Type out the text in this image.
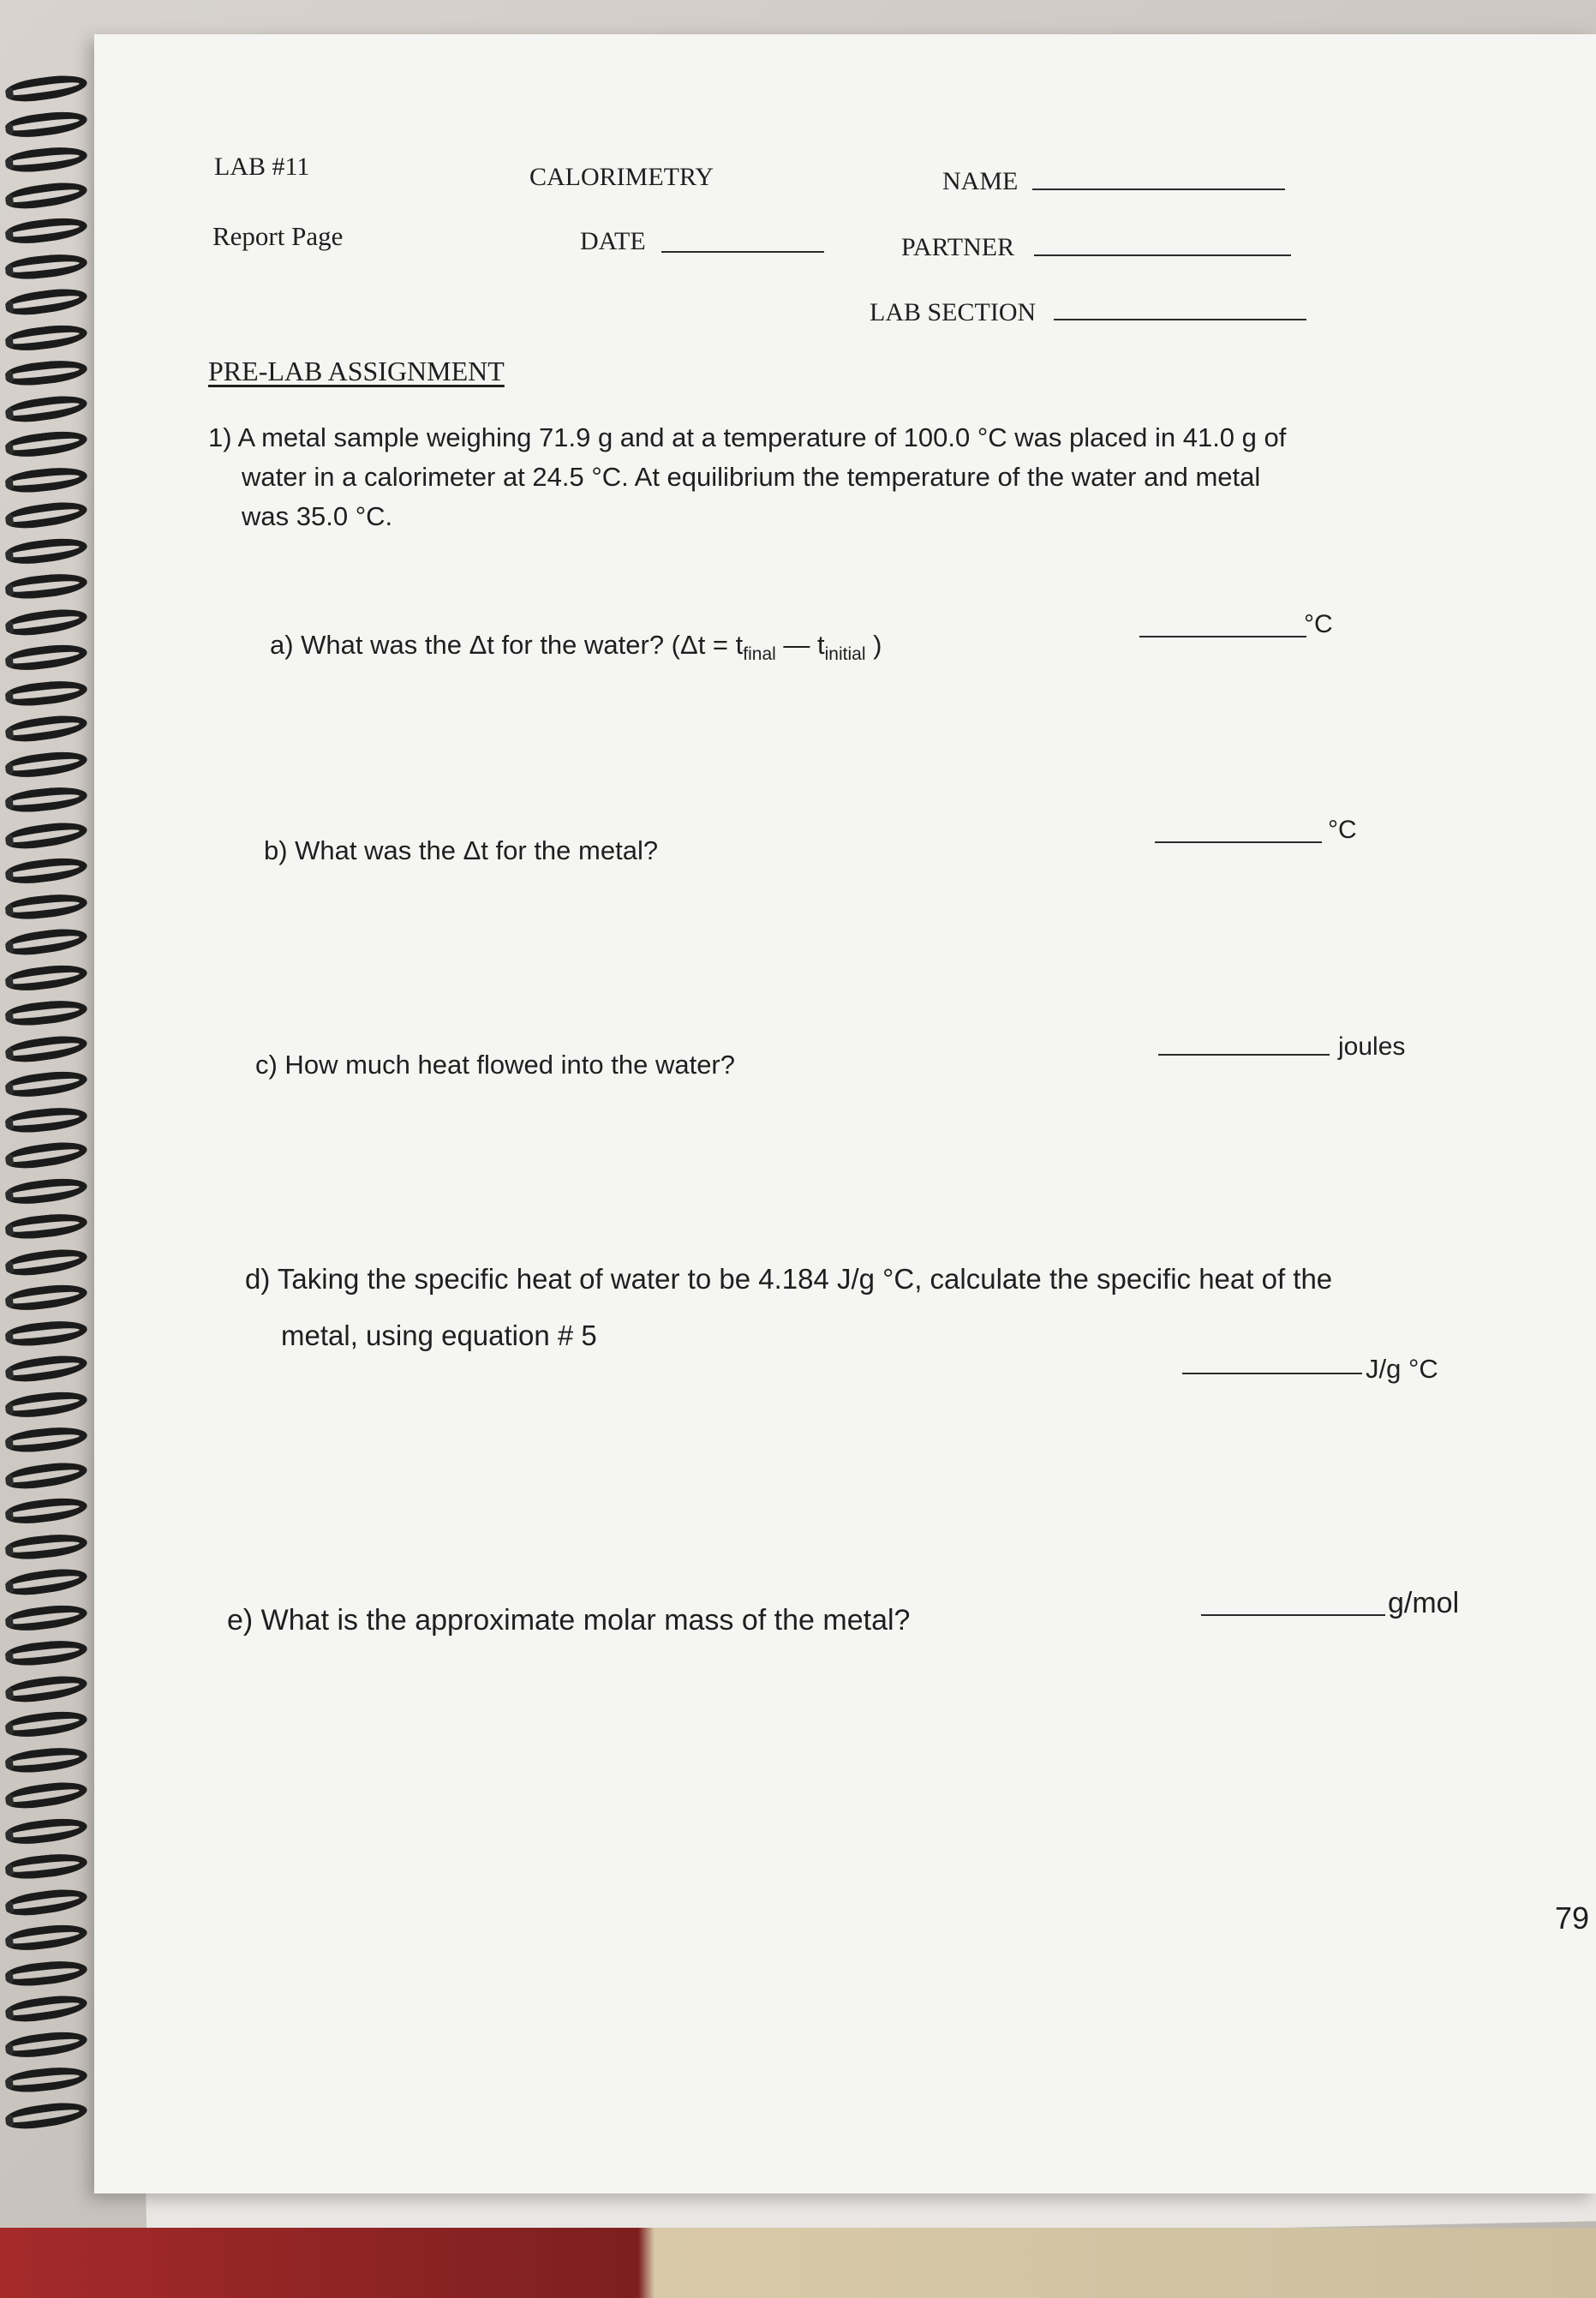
LAB #11	CALORIMETRY	NAME
Report Page	DATE	PARTNER
LAB SECTION
PRE-LAB ASSIGNMENT
1) A metal sample weighing 71.9 g and at a temperature of 100.0 °C was placed in 41.0 g of
water in a calorimeter at 24.5 °C. At equilibrium the temperature of the water and metal
was 35.0 °C.
a) What was the Δt for the water? ($\Delta t = t_{final}$ — $t_{initial}$ )
°C
b) What was the Δt for the metal?
°C
c) How much heat flowed into the water?
joules
d) Taking the specific heat of water to be 4.184 J/g °C, calculate the specific heat of the
metal, using equation # 5
J/g °C
e) What is the approximate molar mass of the metal?
g/mol
79
